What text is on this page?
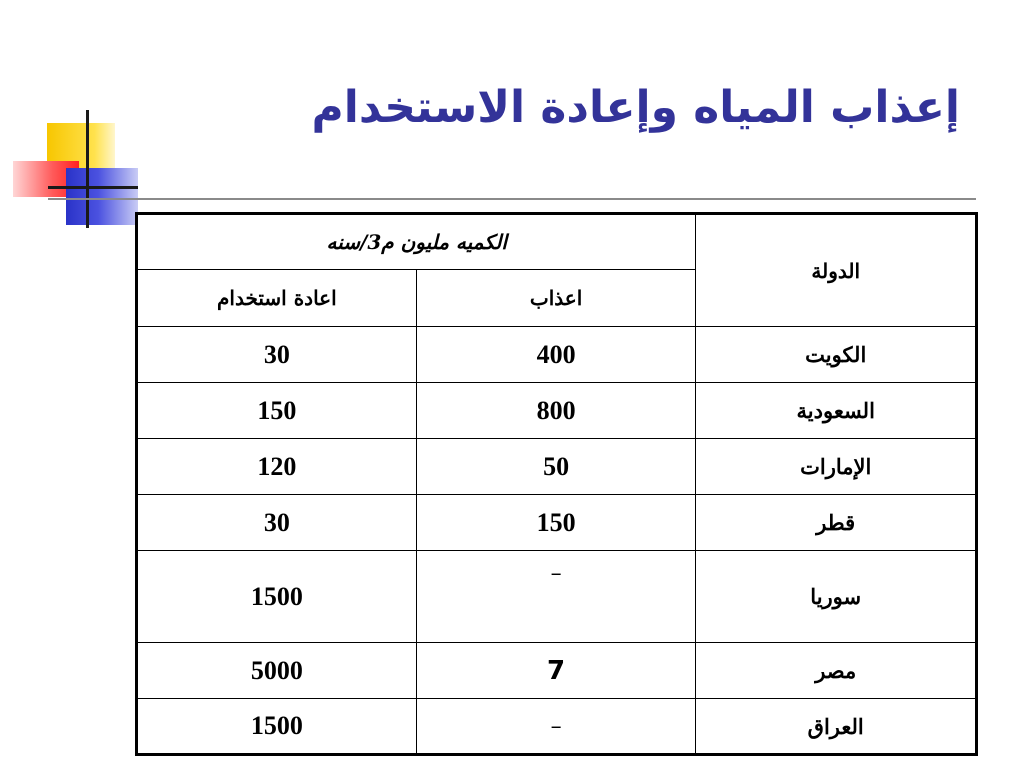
إعذاب المياه وإعادة الاستخدام
الكميه مليون م3/سنه		الدولة
اعادة استخدام	اعذاب	
30	400	الكويت
150	800	السعودية
120	50	الإمارات
30	150	قطر
1500	–	سوريا
5000	7	مصر
1500	–	العراق
